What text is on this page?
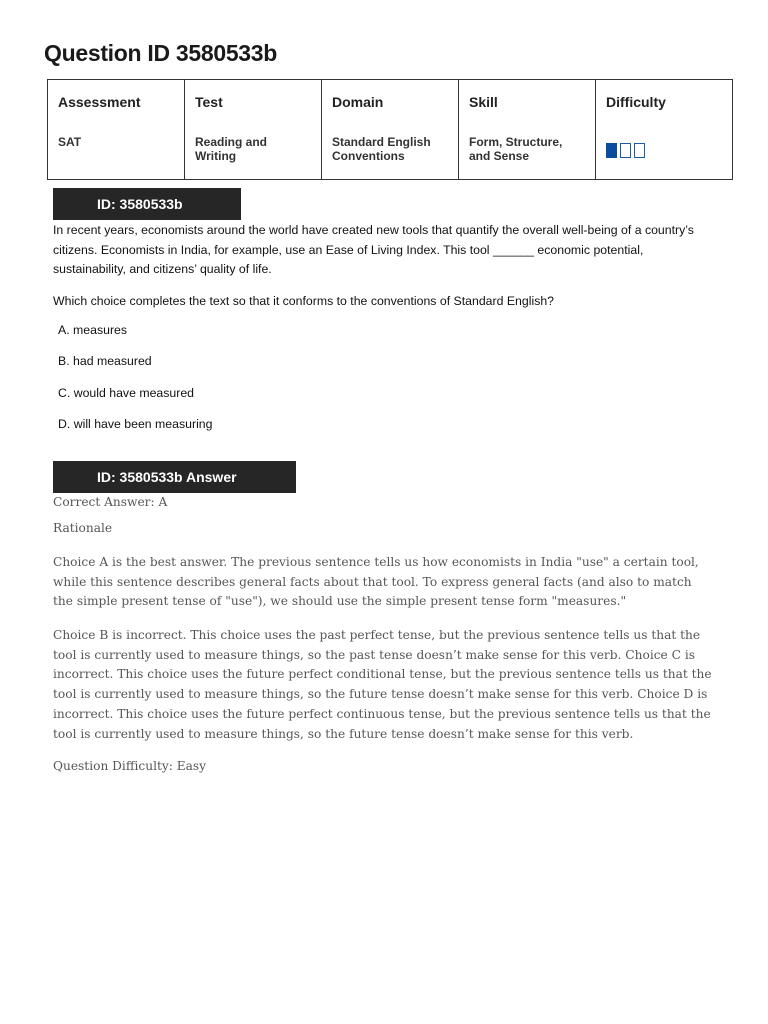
Question ID 3580533b
Assessment	Test	Domain	Skill	Difficulty
SAT	Reading and Writing	Standard English Conventions	Form, Structure, and Sense	
ID: 3580533b

In recent years, economists around the world have created new tools that quantify the overall well-being of a country’s citizens. Economists in India, for example, use an Ease of Living Index. This tool ______ economic potential, sustainability, and citizens’ quality of life.

Which choice completes the text so that it conforms to the conventions of Standard English?
A. measures
B. had measured
C. would have measured
D. will have been measuring
ID: 3580533b Answer
Correct Answer: A
Rationale

Choice A is the best answer. The previous sentence tells us how economists in India "use" a certain tool, while this sentence describes general facts about that tool. To express general facts (and also to match the simple present tense of "use"), we should use the simple present tense form "measures."

Choice B is incorrect. This choice uses the past perfect tense, but the previous sentence tells us that the tool is currently used to measure things, so the past tense doesn’t make sense for this verb. Choice C is incorrect. This choice uses the future perfect conditional tense, but the previous sentence tells us that the tool is currently used to measure things, so the future tense doesn’t make sense for this verb. Choice D is incorrect. This choice uses the future perfect continuous tense, but the previous sentence tells us that the tool is currently used to measure things, so the future tense doesn’t make sense for this verb.

Question Difficulty: Easy
